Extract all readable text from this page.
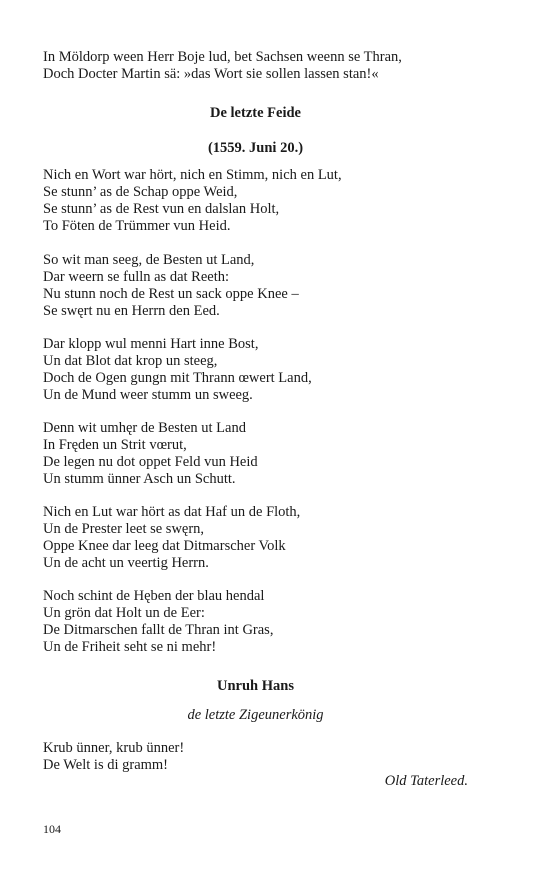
In Möldorp ween Herr Boje lud, bet Sachsen weenn se Thran,
Doch Docter Martin sä: »das Wort sie sollen lassen stan!«
De letzte Feide
(1559. Juni 20.)
Nich en Wort war hört, nich en Stimm, nich en Lut,
Se stunn’ as de Schap oppe Weid,
Se stunn’ as de Rest vun en dalslan Holt,
To Föten de Trümmer vun Heid.
So wit man seeg, de Besten ut Land,
Dar weern se fulln as dat Reeth:
Nu stunn noch de Rest un sack oppe Knee –
Se swęrt nu en Herrn den Eed.
Dar klopp wul menni Hart inne Bost,
Un dat Blot dat krop un steeg,
Doch de Ogen gungn mit Thrann œwert Land,
Un de Mund weer stumm un sweeg.
Denn wit umhęr de Besten ut Land
In Fręden un Strit vœrut,
De legen nu dot oppet Feld vun Heid
Un stumm ünner Asch un Schutt.
Nich en Lut war hört as dat Haf un de Floth,
Un de Prester leet se swęrn,
Oppe Knee dar leeg dat Ditmarscher Volk
Un de acht un veertig Herrn.
Noch schint de Hęben der blau hendal
Un grön dat Holt un de Eer:
De Ditmarschen fallt de Thran int Gras,
Un de Friheit seht se ni mehr!
Unruh Hans
de letzte Zigeunerkönig
Krub ünner, krub ünner!
De Welt is di gramm!
Old Taterleed.
104
